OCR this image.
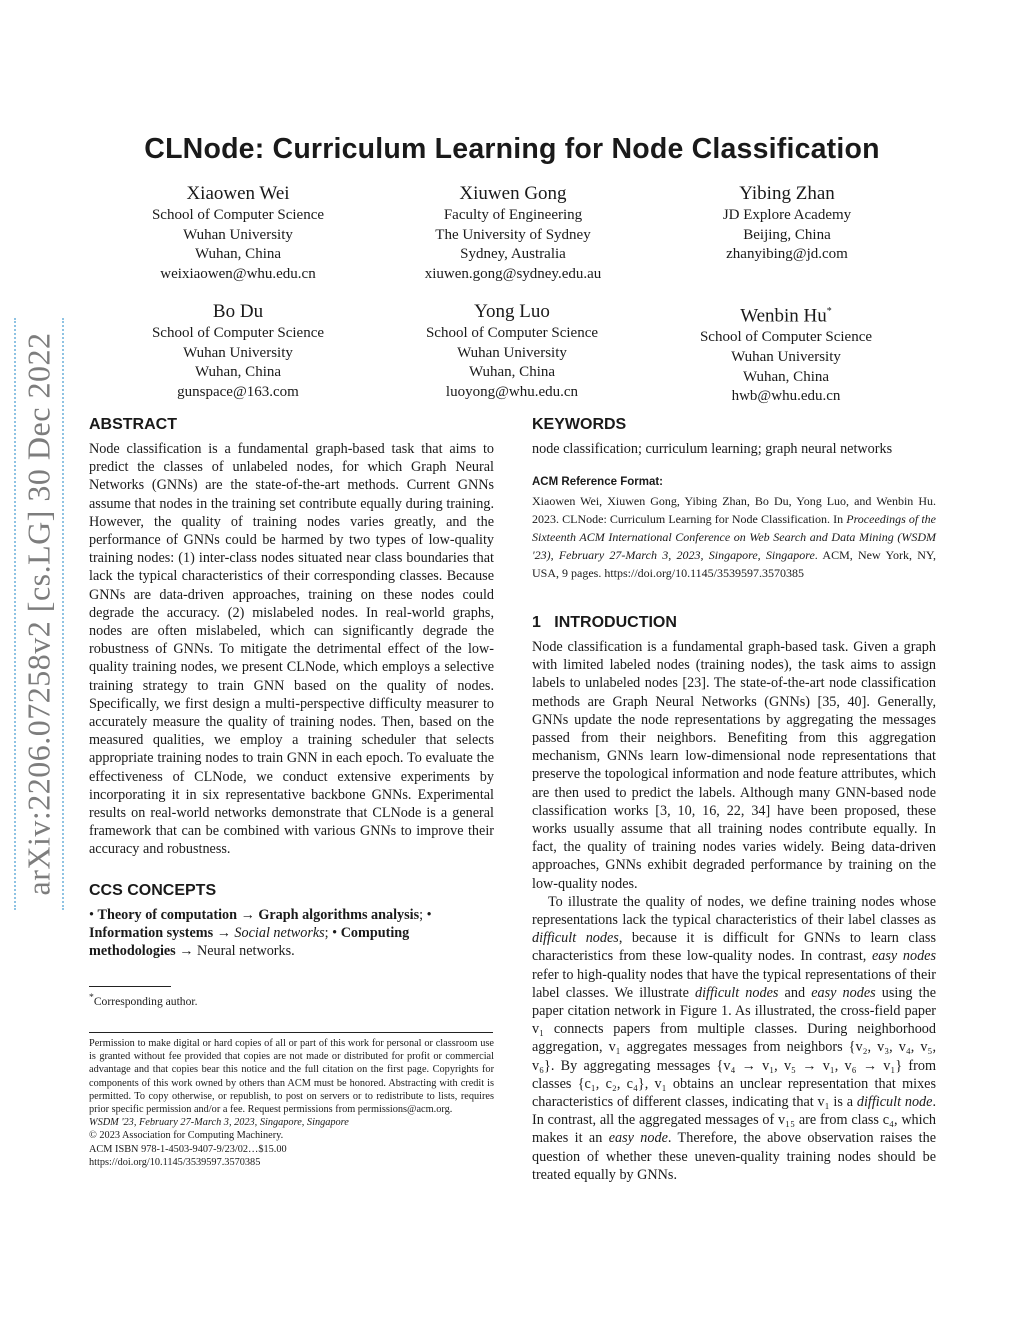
arXiv:2206.07258v2 [cs.LG] 30 Dec 2022
CLNode: Curriculum Learning for Node Classification
Xiaowen Wei
School of Computer Science
Wuhan University
Wuhan, China
weixiaowen@whu.edu.cn
Xiuwen Gong
Faculty of Engineering
The University of Sydney
Sydney, Australia
xiuwen.gong@sydney.edu.au
Yibing Zhan
JD Explore Academy
Beijing, China
zhanyibing@jd.com
Bo Du
School of Computer Science
Wuhan University
Wuhan, China
gunspace@163.com
Yong Luo
School of Computer Science
Wuhan University
Wuhan, China
luoyong@whu.edu.cn
Wenbin Hu*
School of Computer Science
Wuhan University
Wuhan, China
hwb@whu.edu.cn
ABSTRACT

Node classification is a fundamental graph-based task that aims to predict the classes of unlabeled nodes, for which Graph Neural Networks (GNNs) are the state-of-the-art methods. Current GNNs assume that nodes in the training set contribute equally during training. However, the quality of training nodes varies greatly, and the performance of GNNs could be harmed by two types of low-quality training nodes: (1) inter-class nodes situated near class boundaries that lack the typical characteristics of their corresponding classes. Because GNNs are data-driven approaches, training on these nodes could degrade the accuracy. (2) mislabeled nodes. In real-world graphs, nodes are often mislabeled, which can significantly degrade the robustness of GNNs. To mitigate the detrimental effect of the low-quality training nodes, we present CLNode, which employs a selective training strategy to train GNN based on the quality of nodes. Specifically, we first design a multi-perspective difficulty measurer to accurately measure the quality of training nodes. Then, based on the measured qualities, we employ a training scheduler that selects appropriate training nodes to train GNN in each epoch. To evaluate the effectiveness of CLNode, we conduct extensive experiments by incorporating it in six representative backbone GNNs. Experimental results on real-world networks demonstrate that CLNode is a general framework that can be combined with various GNNs to improve their accuracy and robustness.

CCS CONCEPTS

• Theory of computation → Graph algorithms analysis; • Information systems → Social networks; • Computing methodologies → Neural networks.

*Corresponding author.

Permission to make digital or hard copies of all or part of this work for personal or classroom use is granted without fee provided that copies are not made or distributed for profit or commercial advantage and that copies bear this notice and the full citation on the first page. Copyrights for components of this work owned by others than ACM must be honored. Abstracting with credit is permitted. To copy otherwise, or republish, to post on servers or to redistribute to lists, requires prior specific permission and/or a fee. Request permissions from permissions@acm.org.

WSDM '23, February 27-March 3, 2023, Singapore, Singapore

© 2023 Association for Computing Machinery.

ACM ISBN 978-1-4503-9407-9/23/02…$15.00

https://doi.org/10.1145/3539597.3570385

KEYWORDS

node classification; curriculum learning; graph neural networks

ACM Reference Format:

Xiaowen Wei, Xiuwen Gong, Yibing Zhan, Bo Du, Yong Luo, and Wenbin Hu. 2023. CLNode: Curriculum Learning for Node Classification. In Proceedings of the Sixteenth ACM International Conference on Web Search and Data Mining (WSDM '23), February 27-March 3, 2023, Singapore, Singapore. ACM, New York, NY, USA, 9 pages. https://doi.org/10.1145/3539597.3570385

1 INTRODUCTION

Node classification is a fundamental graph-based task. Given a graph with limited labeled nodes (training nodes), the task aims to assign labels to unlabeled nodes [23]. The state-of-the-art node classification methods are Graph Neural Networks (GNNs) [35, 40]. Generally, GNNs update the node representations by aggregating the messages passed from their neighbors. Benefiting from this aggregation mechanism, GNNs learn low-dimensional node representations that preserve the topological information and node feature attributes, which are then used to predict the labels. Although many GNN-based node classification works [3, 10, 16, 22, 34] have been proposed, these works usually assume that all training nodes contribute equally. In fact, the quality of training nodes varies widely. Being data-driven approaches, GNNs exhibit degraded performance by training on the low-quality nodes.

To illustrate the quality of nodes, we define training nodes whose representations lack the typical characteristics of their label classes as difficult nodes, because it is difficult for GNNs to learn class characteristics from these low-quality nodes. In contrast, easy nodes refer to high-quality nodes that have the typical representations of their label classes. We illustrate difficult nodes and easy nodes using the paper citation network in Figure 1. As illustrated, the cross-field paper v₁ connects papers from multiple classes. During neighborhood aggregation, v₁ aggregates messages from neighbors {v₂, v₃, v₄, v₅, v₆}. By aggregating messages {v₄ → v₁, v₅ → v₁, v₆ → v₁} from classes {c₁, c₂, c₄}, v₁ obtains an unclear representation that mixes characteristics of different classes, indicating that v₁ is a difficult node. In contrast, all the aggregated messages of v₁₅ are from class c₄, which makes it an easy node. Therefore, the above observation raises the question of whether these uneven-quality training nodes should be treated equally by GNNs.
